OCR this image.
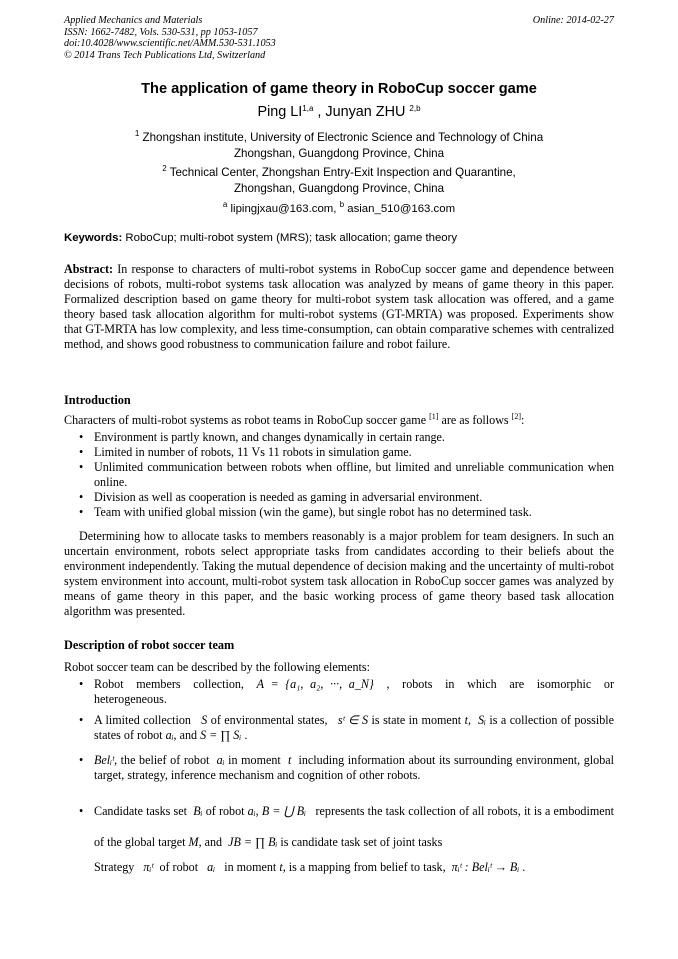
Applied Mechanics and Materials
ISSN: 1662-7482, Vols. 530-531, pp 1053-1057
doi:10.4028/www.scientific.net/AMM.530-531.1053
© 2014 Trans Tech Publications Ltd, Switzerland
Online: 2014-02-27
The application of game theory in RoboCup soccer game
Ping LI$^{1,a}$ , Junyan ZHU $^{2,b}$
$^1$ Zhongshan institute, University of Electronic Science and Technology of China
Zhongshan, Guangdong Province, China
$^2$ Technical Center, Zhongshan Entry-Exit Inspection and Quarantine,
Zhongshan, Guangdong Province, China
$^a$ lipingjxau@163.com, $^b$ asian_510@163.com
Keywords: RoboCup; multi-robot system (MRS); task allocation; game theory
Abstract: In response to characters of multi-robot systems in RoboCup soccer game and dependence between decisions of robots, multi-robot systems task allocation was analyzed by means of game theory in this paper. Formalized description based on game theory for multi-robot system task allocation was offered, and a game theory based task allocation algorithm for multi-robot systems (GT-MRTA) was proposed. Experiments show that GT-MRTA has low complexity, and less time-consumption, can obtain comparative schemes with centralized method, and shows good robustness to communication failure and robot failure.
Introduction
Characters of multi-robot systems as robot teams in RoboCup soccer game [1] are as follows [2]:
• Environment is partly known, and changes dynamically in certain range.
• Limited in number of robots, 11 Vs 11 robots in simulation game.
• Unlimited communication between robots when offline, but limited and unreliable communication when online.
• Division as well as cooperation is needed as gaming in adversarial environment.
• Team with unified global mission (win the game), but single robot has no determined task.
Determining how to allocate tasks to members reasonably is a major problem for team designers. In such an uncertain environment, robots select appropriate tasks from candidates according to their beliefs about the environment independently. Taking the mutual dependence of decision making and the uncertainty of multi-robot system environment into account, multi-robot system task allocation in RoboCup soccer games was analyzed by means of game theory in this paper, and the basic working process of game theory based task allocation algorithm was presented.
Description of robot soccer team
Robot soccer team can be described by the following elements:
• Robot members collection, A = {a₁, a₂, ···, a_N} , robots in which are isomorphic or heterogeneous.
• A limited collection S of environmental states, sᵗ ∈ S is state in moment t, Sᵢ is a collection of possible states of robot aᵢ, and S = ∏ Sᵢ .
• Belᵢᵗ, the belief of robot aᵢ in moment t including information about its surrounding environment, global target, strategy, inference mechanism and cognition of other robots.
• Candidate tasks set Bᵢ of robot aᵢ, B = ⋃ Bᵢ represents the task collection of all robots, it is a embodiment of the global target M, and JB = ∏ Bᵢ is candidate task set of joint tasks
Strategy πᵢᵗ of robot aᵢ in moment t, is a mapping from belief to task, πᵢᵗ : Belᵢᵗ → Bᵢ .
